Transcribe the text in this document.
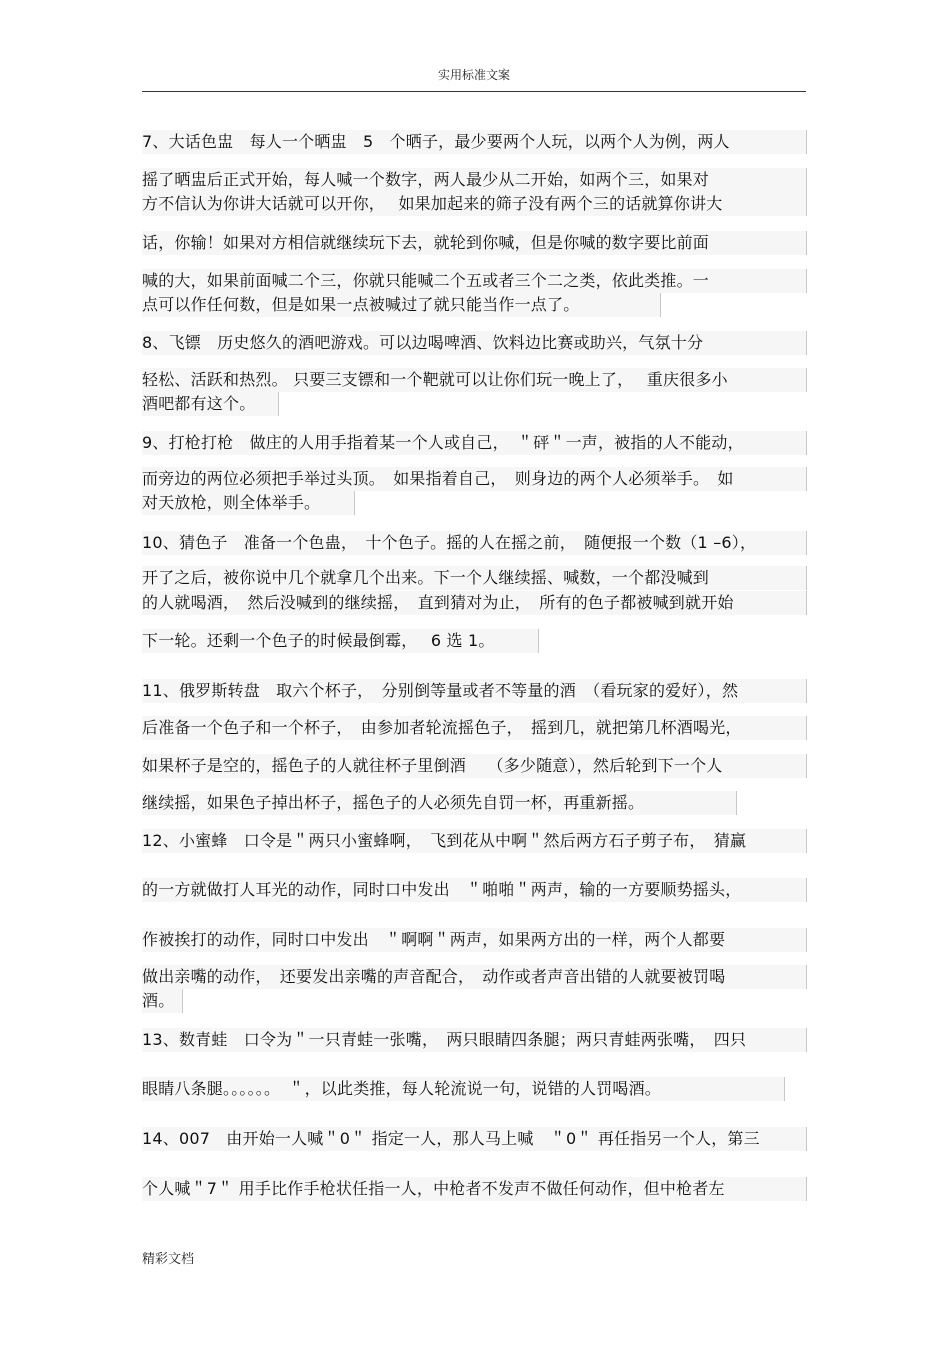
实用标准文案
7、大话色盅　每人一个晒盅　5　个晒子，最少要两个人玩，以两个人为例，两人
摇了晒盅后正式开始，每人喊一个数字，两人最少从二开始，如两个三，如果对
方不信认为你讲大话就可以开你，　 如果加起来的筛子没有两个三的话就算你讲大
话，你输！如果对方相信就继续玩下去，就轮到你喊，但是你喊的数字要比前面
喊的大，如果前面喊二个三，你就只能喊二个五或者三个二之类，依此类推。一
点可以作任何数，但是如果一点被喊过了就只能当作一点了。
8、飞镖　历史悠久的酒吧游戏。可以边喝啤酒、饮料边比赛或助兴，气氛十分
轻松、活跃和热烈。 只要三支镖和一个靶就可以让你们玩一晚上了，　 重庆很多小
酒吧都有这个。
9、打枪打枪　做庄的人用手指着某一个人或自己，　＂砰＂一声，被指的人不能动，
而旁边的两位必须把手举过头顶。　如果指着自己，　则身边的两个人必须举手。　如
对天放枪，则全体举手。
10、猜色子　准备一个色蛊，　十个色子。摇的人在摇之前，　随便报一个数（1 –6），
开了之后，被你说中几个就拿几个出来。下一个人继续摇、喊数，一个都没喊到
的人就喝酒，　然后没喊到的继续摇，　直到猜对为止，　所有的色子都被喊到就开始
下一轮。还剩一个色子的时候最倒霉，　 6 选 1。
11、俄罗斯转盘　取六个杯子，　分别倒等量或者不等量的酒　（看玩家的爱好），然
后准备一个色子和一个杯子，　由参加者轮流摇色子，　摇到几，就把第几杯酒喝光，
如果杯子是空的，摇色子的人就往杯子里倒酒　 （多少随意），然后轮到下一个人
继续摇，如果色子掉出杯子，摇色子的人必须先自罚一杯，再重新摇。
12、小蜜蜂　口令是＂两只小蜜蜂啊，　飞到花从中啊＂然后两方石子剪子布，　猜赢
的一方就做打人耳光的动作，同时口中发出　＂啪啪＂两声，输的一方要顺势摇头，
作被挨打的动作，同时口中发出　＂啊啊＂两声，如果两方出的一样，两个人都要
做出亲嘴的动作，　还要发出亲嘴的声音配合，　动作或者声音出错的人就要被罚喝
酒。
13、数青蛙　口令为＂一只青蛙一张嘴，　两只眼睛四条腿；两只青蛙两张嘴，　四只
眼睛八条腿。。。。。。　＂，以此类推，每人轮流说一句，说错的人罚喝酒。
14、007　由开始一人喊＂0＂ 指定一人，那人马上喊　＂0＂ 再任指另一个人，第三
个人喊＂7＂ 用手比作手枪状任指一人，中枪者不发声不做任何动作，但中枪者左
精彩文档
